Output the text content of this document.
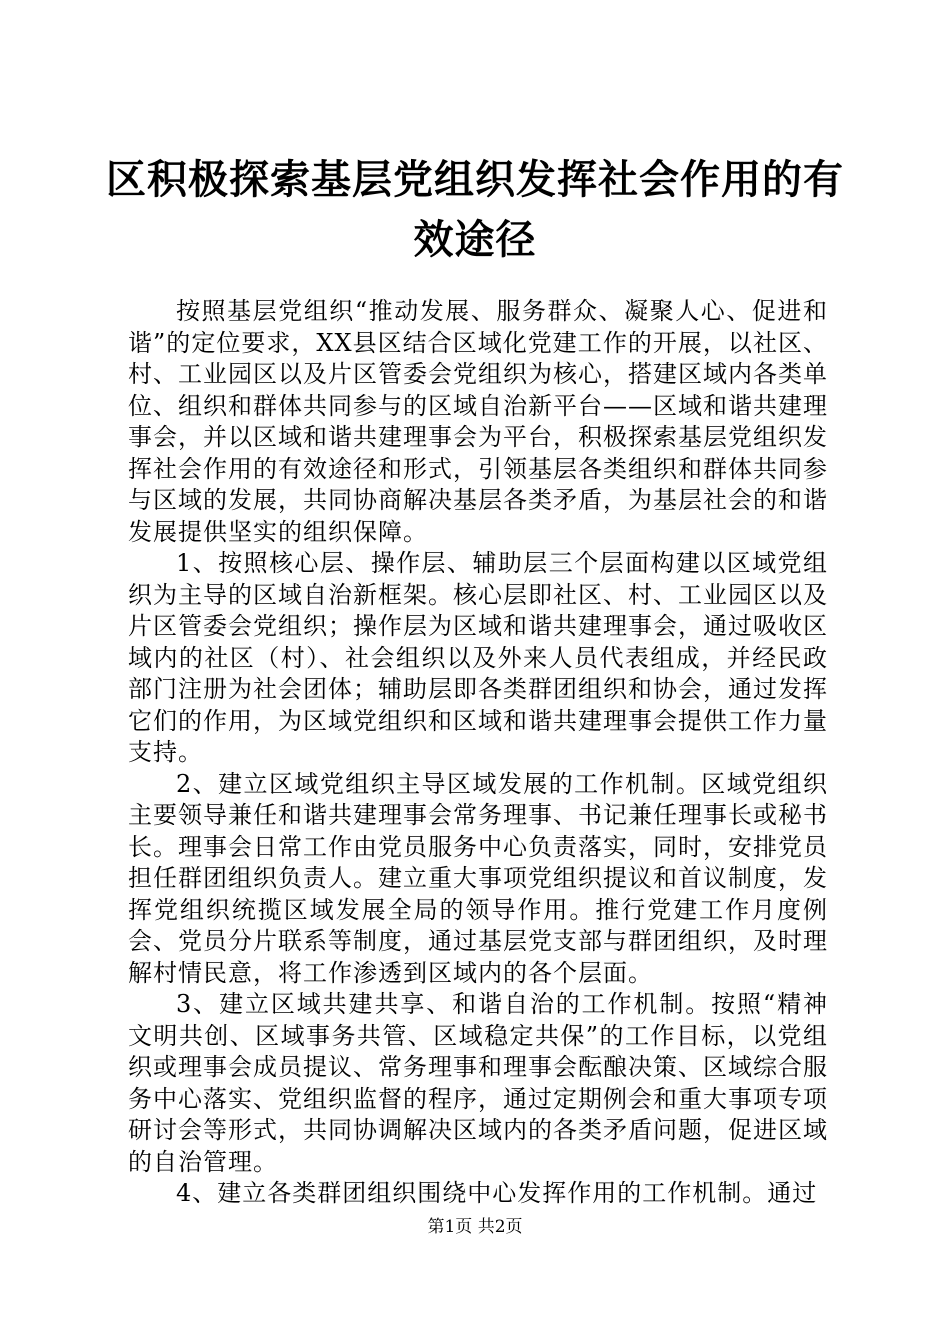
区积极探索基层党组织发挥社会作用的有效途径

按照基层党组织“推动发展、服务群众、凝聚人心、促进和谐”的定位要求，XX县区结合区域化党建工作的开展，以社区、村、工业园区以及片区管委会党组织为核心，搭建区域内各类单位、组织和群体共同参与的区域自治新平台——区域和谐共建理事会，并以区域和谐共建理事会为平台，积极探索基层党组织发挥社会作用的有效途径和形式，引领基层各类组织和群体共同参与区域的发展，共同协商解决基层各类矛盾，为基层社会的和谐发展提供坚实的组织保障。

1、按照核心层、操作层、辅助层三个层面构建以区域党组织为主导的区域自治新框架。核心层即社区、村、工业园区以及片区管委会党组织；操作层为区域和谐共建理事会，通过吸收区域内的社区（村）、社会组织以及外来人员代表组成，并经民政部门注册为社会团体；辅助层即各类群团组织和协会，通过发挥它们的作用，为区域党组织和区域和谐共建理事会提供工作力量支持。

2、建立区域党组织主导区域发展的工作机制。区域党组织主要领导兼任和谐共建理事会常务理事、书记兼任理事长或秘书长。理事会日常工作由党员服务中心负责落实，同时，安排党员担任群团组织负责人。建立重大事项党组织提议和首议制度，发挥党组织统揽区域发展全局的领导作用。推行党建工作月度例会、党员分片联系等制度，通过基层党支部与群团组织，及时理解村情民意，将工作渗透到区域内的各个层面。

3、建立区域共建共享、和谐自治的工作机制。按照“精神文明共创、区域事务共管、区域稳定共保”的工作目标，以党组织或理事会成员提议、常务理事和理事会酝酿决策、区域综合服务中心落实、党组织监督的程序，通过定期例会和重大事项专项研讨会等形式，共同协调解决区域内的各类矛盾问题，促进区域的自治管理。

4、建立各类群团组织围绕中心发挥作用的工作机制。通过

第1页 共2页
